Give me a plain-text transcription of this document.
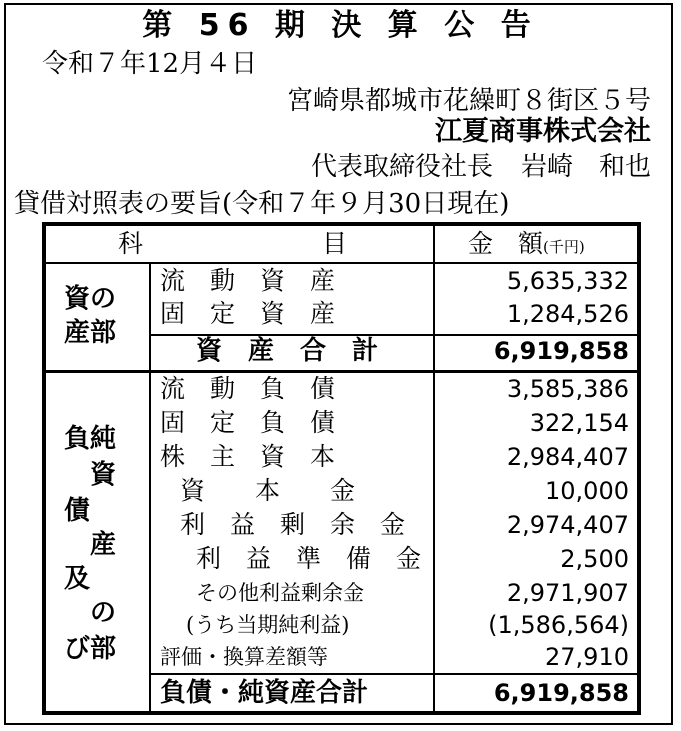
第 56 期 決 算 公 告
令和７年12月４日
宮崎県都城市花繰町８街区５号
江夏商事株式会社
代表取締役社長 岩崎　和也
貸借対照表の要旨(令和７年９月30日現在)
科	目	金　額(千円)
資の
産部
負純
　資
債　
　産
及　
　の
び部
流　動　資　産
固　定　資　産
資　産　合　計
流　動　負　債
固　定　負　債
株　主　資　本
資　　本　　金
利　益　剰　余　金
利　益　準　備　金
その他利益剰余金
(うち当期純利益)
評価・換算差額等
負債・純資産合計
5,635,332
1,284,526
6,919,858
3,585,386
322,154
2,984,407
10,000
2,974,407
2,500
2,971,907
(1,586,564)
27,910
6,919,858
